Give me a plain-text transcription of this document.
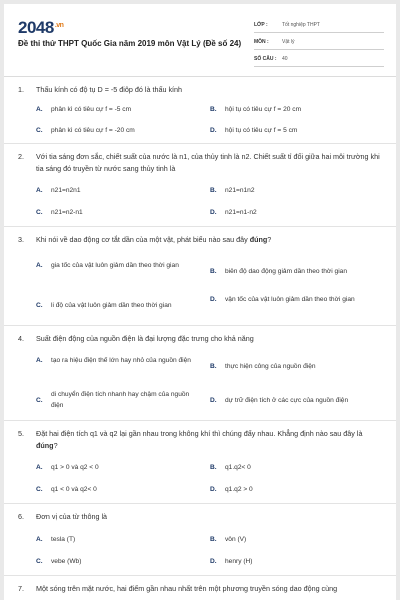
$2048^{.vn}$
Đề thi thử THPT Quốc Gia năm 2019 môn Vật Lý (Đề số 24)
LỚP :	Tốt nghiệp THPT
MÔN :	Vật lý
SỐ CÂU :	40
1.	Thấu kính có độ tụ D = -5 điôp đó là thấu kính
A.	phân kì có tiêu cự f = -5 cm	B.	hội tụ có tiêu cự f = 20 cm
C.	phân kì có tiêu cự f = -20 cm	D.	hội tụ có tiêu cự f = 5 cm
2.	Với tia sáng đơn sắc, chiết suất của nước là n1, của thủy tinh là n2. Chiết suất tỉ đối giữa hai môi trường khi tia sáng đó truyền từ nước sang thủy tinh là
A.	n21=n2n1	B.	n21=n1n2
C.	n21=n2-n1	D.	n21=n1-n2
3.	Khi nói về dao động cơ tắt dần của một vật, phát biểu nào sau đây đúng?
A.	gia tốc của vật luôn giảm dần theo thời gian
B.	biên độ dao động giảm dần theo thời gian
C.	li độ của vật luôn giảm dần theo thời gian
D.	vận tốc của vật luôn giảm dần theo thời gian
4.	Suất điện động của nguồn điện là đại lượng đặc trưng cho khả năng
A.	tạo ra hiệu điện thế lớn hay nhỏ của nguồn điện
B.	thực hiện công của nguồn điện
C.
di chuyển điện tích nhanh hay chậm của nguồn điện
D.	dự trữ điện tích ở các cực của nguồn điện
5.	Đặt hai điện tích q1 và q2 lại gần nhau trong không khí thì chúng đẩy nhau. Khẳng định nào sau đây là đúng?
A.	q1 > 0 và q2 < 0	B.	q1.q2< 0
C.	q1 < 0 và q2< 0	D.	q1.q2 > 0
6.	Đơn vị của từ thông là
A.	tesla (T)	B.	vôn (V)
C.	vebe (Wb)	D.	henry (H)
7.	Một sóng trên mặt nước, hai điểm gần nhau nhất trên một phương truyền sóng dao động cùng
